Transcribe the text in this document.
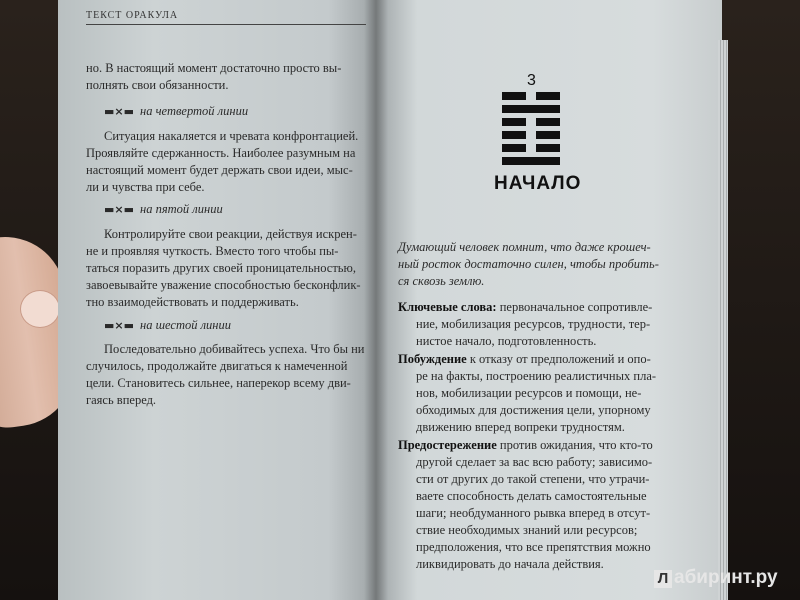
ТЕКСТ ОРАКУЛА
но. В настоящий момент достаточно просто вы-
полнять свои обязанности.
▬×▬ на четвертой линии
Ситуация накаляется и чревата конфронтацией.
Проявляйте сдержанность. Наиболее разумным на
настоящий момент будет держать свои идеи, мыс-
ли и чувства при себе.
▬×▬ на пятой линии
Контролируйте свои реакции, действуя искрен-
не и проявляя чуткость. Вместо того чтобы пы-
таться поразить других своей проницательностью,
завоевывайте уважение способностью бесконфлик-
тно взаимодействовать и поддерживать.
▬×▬ на шестой линии
Последовательно добивайтесь успеха. Что бы ни
случилось, продолжайте двигаться к намеченной
цели. Становитесь сильнее, наперекор всему дви-
гаясь вперед.
3
НАЧАЛО
Думающий человек помнит, что даже крошеч-
ный росток достаточно силен, чтобы пробить-
ся сквозь землю.
Ключевые слова: первоначальное сопротивле-
ние, мобилизация ресурсов, трудности, тер-
нистое начало, подготовленность.
Побуждение к отказу от предположений и опо-
ре на факты, построению реалистичных пла-
нов, мобилизации ресурсов и помощи, не-
обходимых для достижения цели, упорному
движению вперед вопреки трудностям.
Предостережение против ожидания, что кто-то
другой сделает за вас всю работу; зависимо-
сти от других до такой степени, что утрачи-
ваете способность делать самостоятельные
шаги; необдуманного рывка вперед в отсут-
ствие необходимых знаний или ресурсов;
предположения, что все препятствия можно
ликвидировать до начала действия.
Л абиринт.ру
